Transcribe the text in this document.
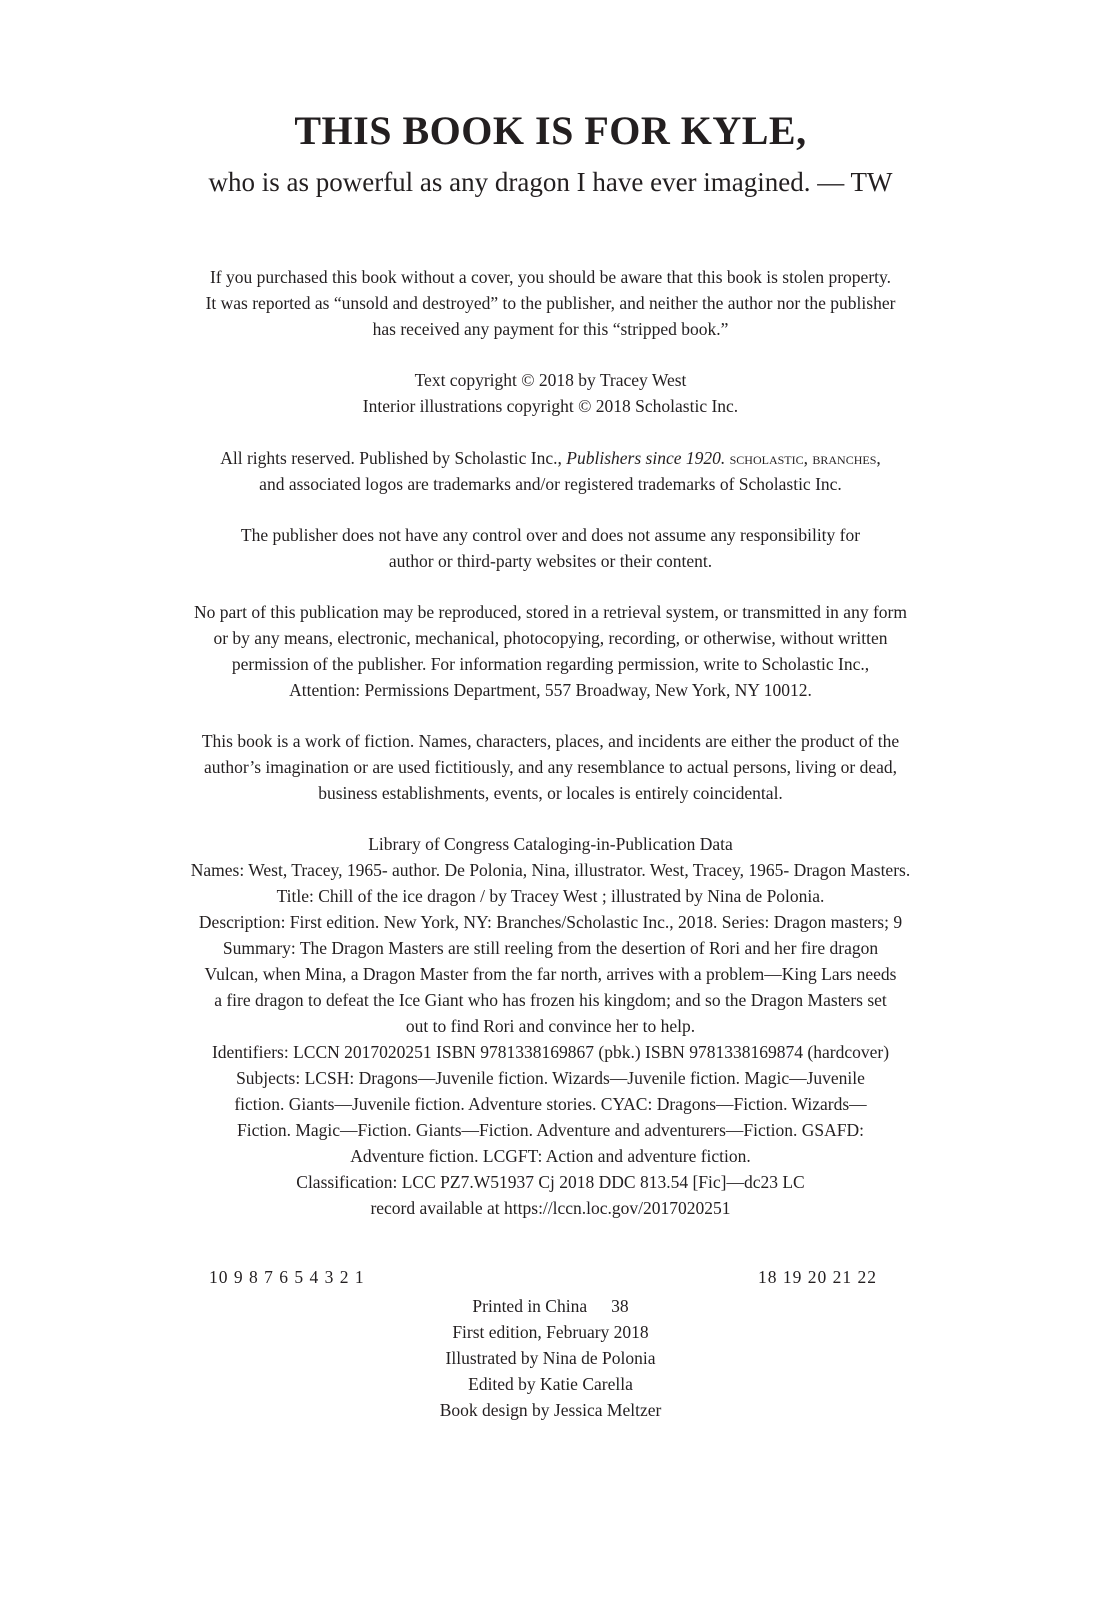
THIS BOOK IS FOR KYLE,
who is as powerful as any dragon I have ever imagined. — TW

If you purchased this book without a cover, you should be aware that this book is stolen property.
It was reported as “unsold and destroyed” to the publisher, and neither the author nor the publisher
has received any payment for this “stripped book.”

Text copyright © 2018 by Tracey West
Interior illustrations copyright © 2018 Scholastic Inc.

All rights reserved. Published by Scholastic Inc., Publishers since 1920. scholastic, branches,
and associated logos are trademarks and/or registered trademarks of Scholastic Inc.

The publisher does not have any control over and does not assume any responsibility for
author or third-party websites or their content.

No part of this publication may be reproduced, stored in a retrieval system, or transmitted in any form
or by any means, electronic, mechanical, photocopying, recording, or otherwise, without written
permission of the publisher. For information regarding permission, write to Scholastic Inc.,
Attention: Permissions Department, 557 Broadway, New York, NY 10012.

This book is a work of fiction. Names, characters, places, and incidents are either the product of the
author’s imagination or are used fictitiously, and any resemblance to actual persons, living or dead,
business establishments, events, or locales is entirely coincidental.

Library of Congress Cataloging-in-Publication Data
Names: West, Tracey, 1965- author. De Polonia, Nina, illustrator. West, Tracey, 1965- Dragon Masters.
Title: Chill of the ice dragon / by Tracey West ; illustrated by Nina de Polonia.
Description: First edition. New York, NY: Branches/Scholastic Inc., 2018. Series: Dragon masters; 9
Summary: The Dragon Masters are still reeling from the desertion of Rori and her fire dragon
Vulcan, when Mina, a Dragon Master from the far north, arrives with a problem—King Lars needs
a fire dragon to defeat the Ice Giant who has frozen his kingdom; and so the Dragon Masters set
out to find Rori and convince her to help.
Identifiers: LCCN 2017020251 ISBN 9781338169867 (pbk.) ISBN 9781338169874 (hardcover)
Subjects: LCSH: Dragons—Juvenile fiction. Wizards—Juvenile fiction. Magic—Juvenile
fiction. Giants—Juvenile fiction. Adventure stories. CYAC: Dragons—Fiction. Wizards—
Fiction. Magic—Fiction. Giants—Fiction. Adventure and adventurers—Fiction. GSAFD:
Adventure fiction. LCGFT: Action and adventure fiction.
Classification: LCC PZ7.W51937 Cj 2018 DDC 813.54 [Fic]—dc23 LC
record available at https://lccn.loc.gov/2017020251

10 9 8 7 6 5 4 3 2 1	18 19 20 21 22

Printed in China 38
First edition, February 2018
Illustrated by Nina de Polonia
Edited by Katie Carella
Book design by Jessica Meltzer
